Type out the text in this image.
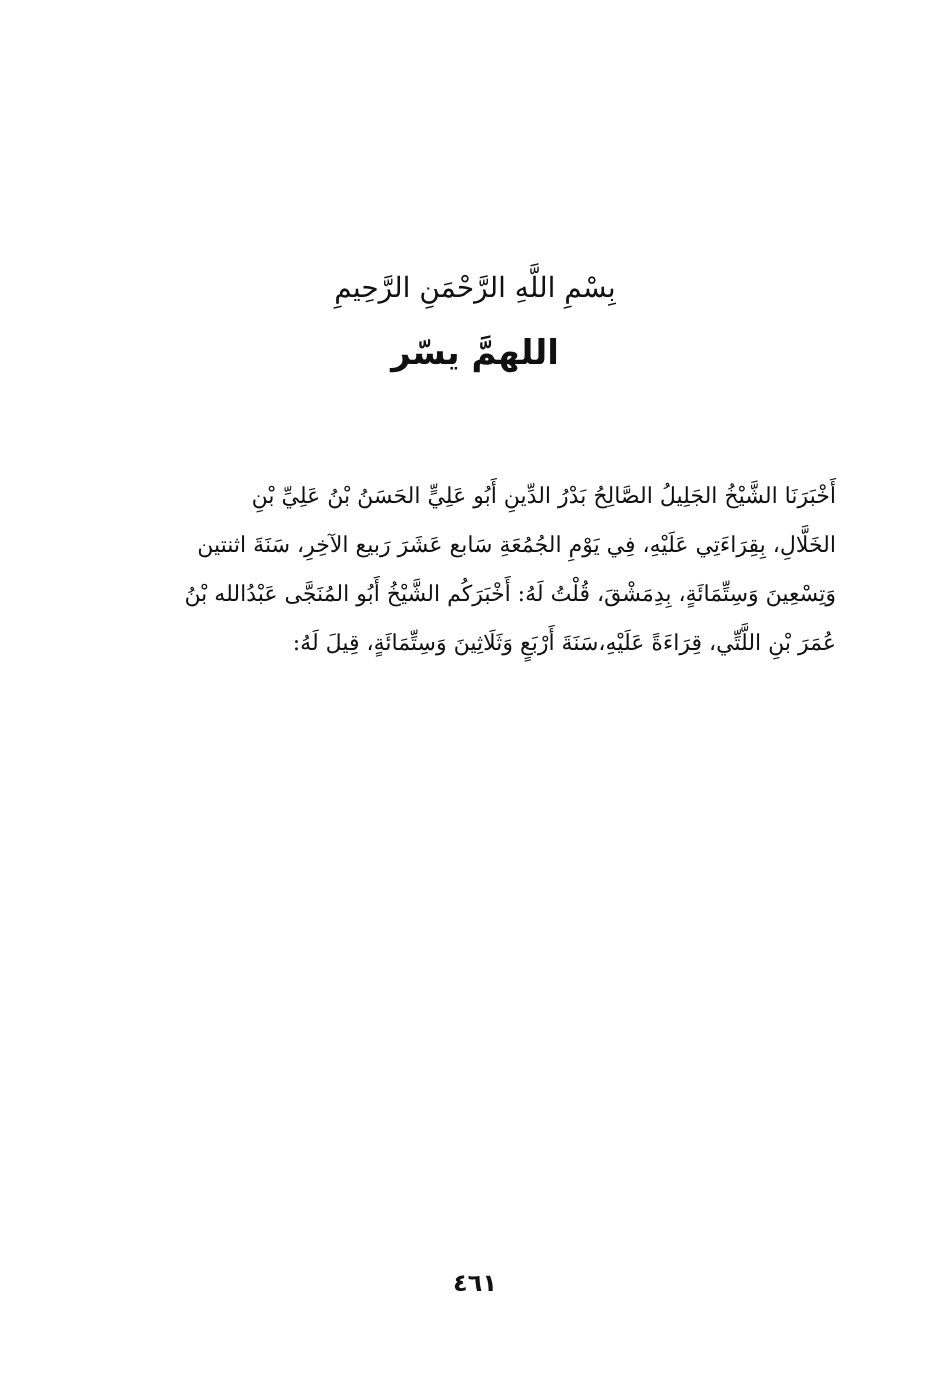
بِسْمِ اللَّهِ الرَّحْمَنِ الرَّحِيمِ
اللهمَّ يسّر
أَخْبَرَنَا الشَّيْخُ الجَلِيلُ الصَّالِحُ بَدْرُ الدِّينِ أَبُو عَلِيٍّ الحَسَنُ بْنُ عَلِيِّ بْنِ
الخَلَّالِ، بِقِرَاءَتِي عَلَيْهِ، فِي يَوْمِ الجُمُعَةِ سَابع عَشَرَ رَبيع الآخِرِ، سَنَةَ اثنتين
وَتِسْعِينَ وَسِتِّمَائَةٍ، بِدِمَشْقَ، قُلْتُ لَهُ: أَخْبَرَكُم الشَّيْخُ أَبُو المُنَجَّى عَبْدُالله بْنُ
عُمَرَ بْنِ اللَّتِّي، قِرَاءَةً عَلَيْهِ،سَنَةَ أَرْبَعٍ وَثَلَاثِينَ وَسِتِّمَائَةٍ، قِيلَ لَهُ:
٤٦١
